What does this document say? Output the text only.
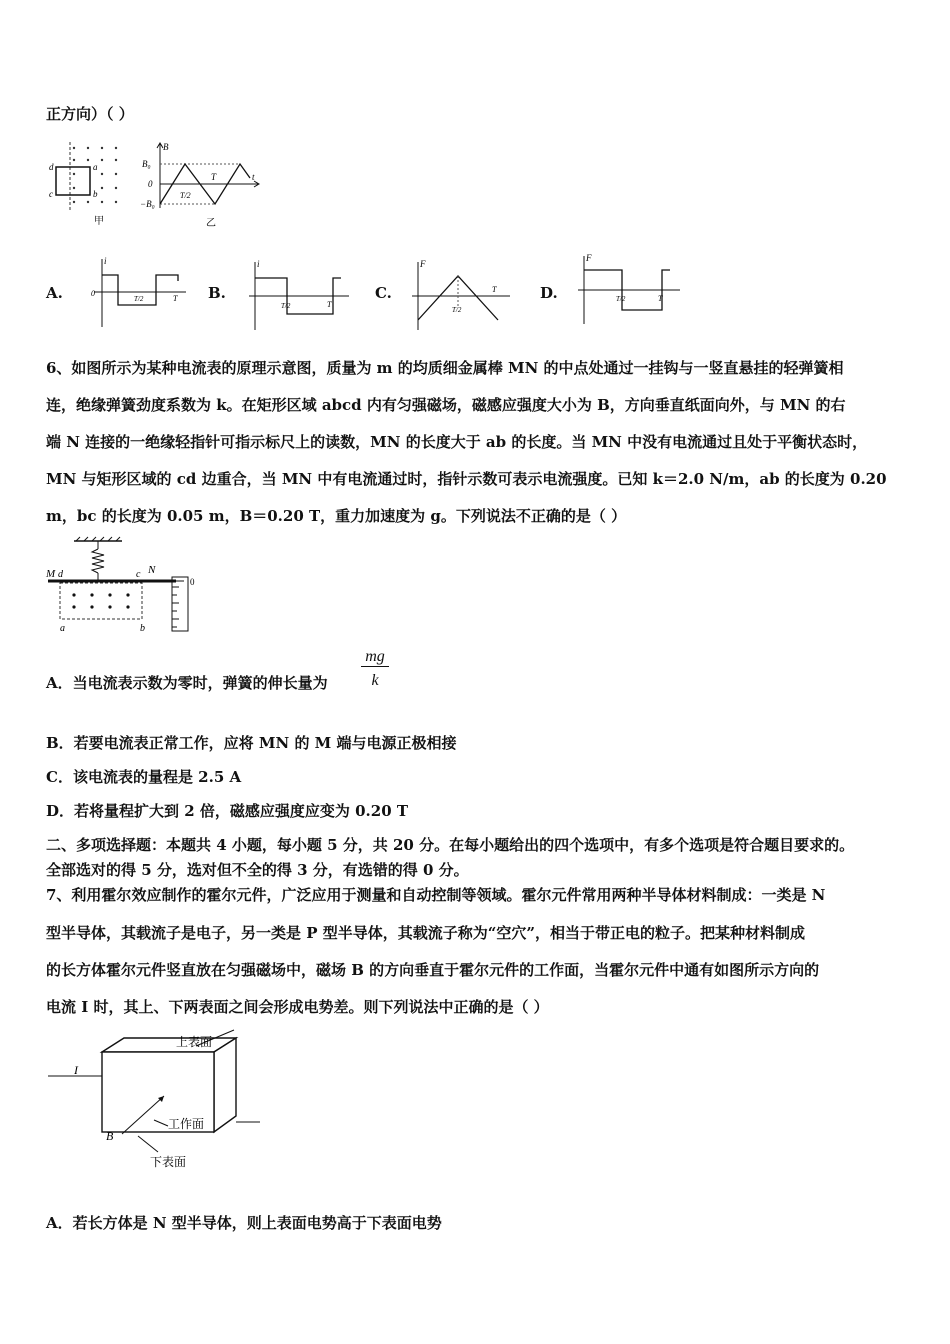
正方向）（ ）
d
c
a
b
甲
B
t
B₀
0
−B₀
T/2
T
乙
A.
i
0
T/2	T B.
i
T/2	T
C.
F
T/2
T	D.
F
T/2	T
6、如图所示为某种电流表的原理示意图，质量为 m 的均质细金属棒 MN 的中点处通过一挂钩与一竖直悬挂的轻弹簧相
连，绝缘弹簧劲度系数为 k。在矩形区域 abcd 内有匀强磁场，磁感应强度大小为 B，方向垂直纸面向外，与 MN 的右
端 N 连接的一绝缘轻指针可指示标尺上的读数，MN 的长度大于 ab 的长度。当 MN 中没有电流通过且处于平衡状态时，
MN 与矩形区域的 cd 边重合，当 MN 中有电流通过时，指针示数可表示电流强度。已知 k＝2.0 N/m，ab 的长度为 0.20
m，bc 的长度为 0.05 m，B＝0.20 T，重力加速度为 g。下列说法不正确的是（ ）
M d	c N
a	b
0
A．当电流表示数为零时，弹簧的伸长量为
mg
k
B．若要电流表正常工作，应将 MN 的 M 端与电源正极相接
C．该电流表的量程是 2.5 A
D．若将量程扩大到 2 倍，磁感应强度应变为 0.20 T
二、多项选择题：本题共 4 小题，每小题 5 分，共 20 分。在每小题给出的四个选项中，有多个选项是符合题目要求的。
全部选对的得 5 分，选对但不全的得 3 分，有选错的得 0 分。
7、利用霍尔效应制作的霍尔元件，广泛应用于测量和自动控制等领域。霍尔元件常用两种半导体材料制成：一类是 N
型半导体，其载流子是电子，另一类是 P 型半导体，其载流子称为“空穴”，相当于带正电的粒子。把某种材料制成
的长方体霍尔元件竖直放在匀强磁场中，磁场 B 的方向垂直于霍尔元件的工作面，当霍尔元件中通有如图所示方向的
电流 I 时，其上、下两表面之间会形成电势差。则下列说法中正确的是（ ）
上表面
工作面
下表面
I
B
A．若长方体是 N 型半导体，则上表面电势高于下表面电势
